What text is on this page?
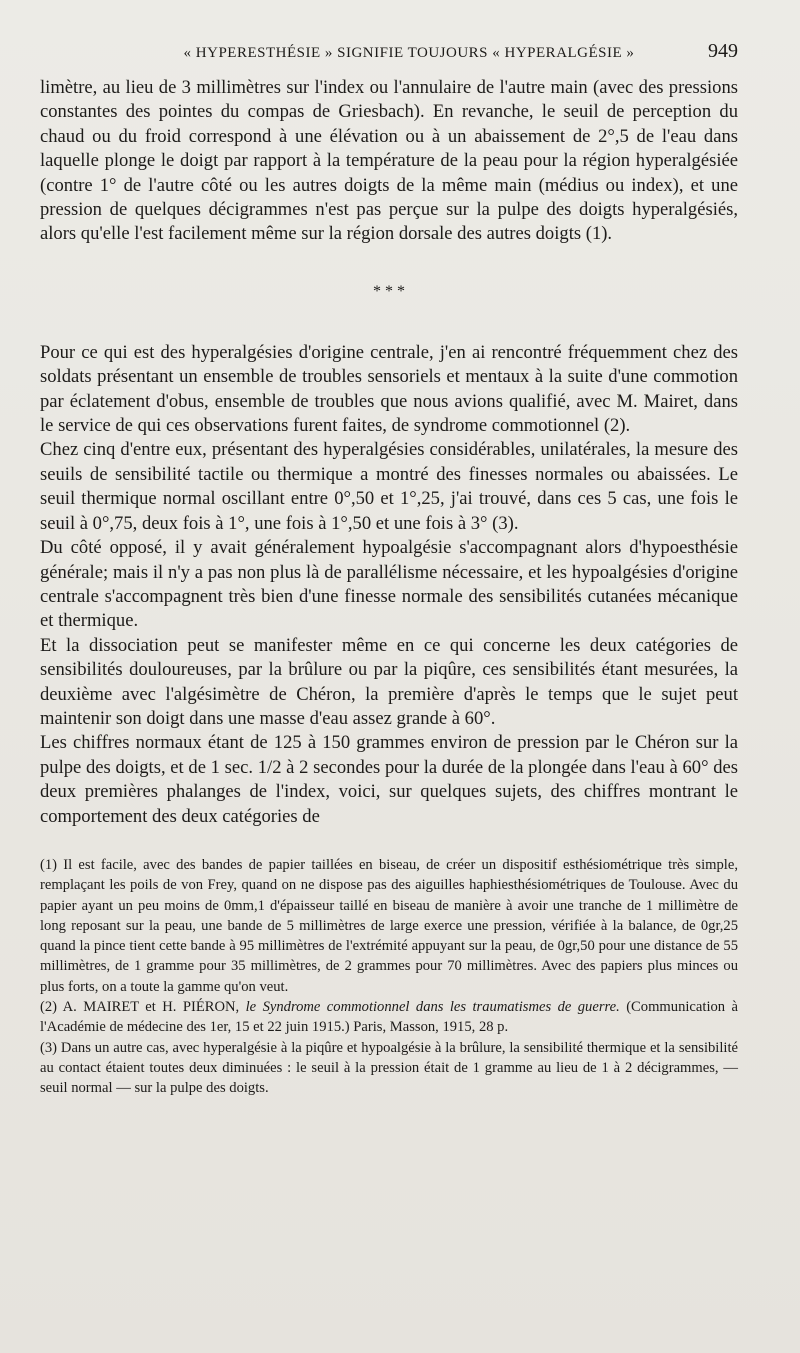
« HYPERESTHÉSIE » SIGNIFIE TOUJOURS « HYPERALGÉSIE »	949

limètre, au lieu de 3 millimètres sur l'index ou l'annulaire de l'autre main (avec des pressions constantes des pointes du compas de Griesbach). En revanche, le seuil de perception du chaud ou du froid correspond à une élévation ou à un abaissement de 2°,5 de l'eau dans laquelle plonge le doigt par rapport à la température de la peau pour la région hyperalgésiée (contre 1° de l'autre côté ou les autres doigts de la même main (médius ou index), et une pression de quelques décigrammes n'est pas perçue sur la pulpe des doigts hyperalgésiés, alors qu'elle l'est facilement même sur la région dorsale des autres doigts (1).

* * *

Pour ce qui est des hyperalgésies d'origine centrale, j'en ai rencontré fréquemment chez des soldats présentant un ensemble de troubles sensoriels et mentaux à la suite d'une commotion par éclatement d'obus, ensemble de troubles que nous avions qualifié, avec M. Mairet, dans le service de qui ces observations furent faites, de syndrome commotionnel (2).

Chez cinq d'entre eux, présentant des hyperalgésies considérables, unilatérales, la mesure des seuils de sensibilité tactile ou thermique a montré des finesses normales ou abaissées. Le seuil thermique normal oscillant entre 0°,50 et 1°,25, j'ai trouvé, dans ces 5 cas, une fois le seuil à 0°,75, deux fois à 1°, une fois à 1°,50 et une fois à 3° (3).

Du côté opposé, il y avait généralement hypoalgésie s'accompagnant alors d'hypoesthésie générale; mais il n'y a pas non plus là de parallélisme nécessaire, et les hypoalgésies d'origine centrale s'accompagnent très bien d'une finesse normale des sensibilités cutanées mécanique et thermique.

Et la dissociation peut se manifester même en ce qui concerne les deux catégories de sensibilités douloureuses, par la brûlure ou par la piqûre, ces sensibilités étant mesurées, la deuxième avec l'algésimètre de Chéron, la première d'après le temps que le sujet peut maintenir son doigt dans une masse d'eau assez grande à 60°.

Les chiffres normaux étant de 125 à 150 grammes environ de pression par le Chéron sur la pulpe des doigts, et de 1 sec. 1/2 à 2 secondes pour la durée de la plongée dans l'eau à 60° des deux premières phalanges de l'index, voici, sur quelques sujets, des chiffres montrant le comportement des deux catégories de

(1) Il est facile, avec des bandes de papier taillées en biseau, de créer un dispositif esthésiométrique très simple, remplaçant les poils de von Frey, quand on ne dispose pas des aiguilles haphiesthésiométriques de Toulouse. Avec du papier ayant un peu moins de 0mm,1 d'épaisseur taillé en biseau de manière à avoir une tranche de 1 millimètre de long reposant sur la peau, une bande de 5 millimètres de large exerce une pression, vérifiée à la balance, de 0gr,25 quand la pince tient cette bande à 95 millimètres de l'extrémité appuyant sur la peau, de 0gr,50 pour une distance de 55 millimètres, de 1 gramme pour 35 millimètres, de 2 grammes pour 70 millimètres. Avec des papiers plus minces ou plus forts, on a toute la gamme qu'on veut.

(2) A. MAIRET et H. PIÉRON, le Syndrome commotionnel dans les traumatismes de guerre. (Communication à l'Académie de médecine des 1er, 15 et 22 juin 1915.) Paris, Masson, 1915, 28 p.

(3) Dans un autre cas, avec hyperalgésie à la piqûre et hypoalgésie à la brûlure, la sensibilité thermique et la sensibilité au contact étaient toutes deux diminuées : le seuil à la pression était de 1 gramme au lieu de 1 à 2 décigrammes, — seuil normal — sur la pulpe des doigts.
